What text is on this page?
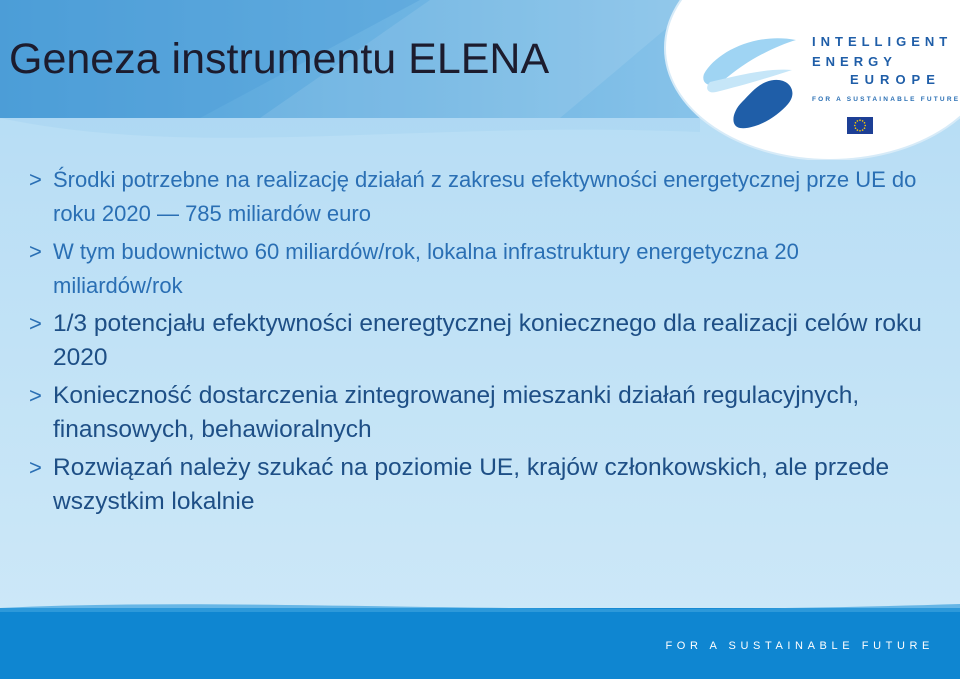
Geneza instrumentu ELENA	INTELLIGENT
ENERGY
EUROPE
FOR A SUSTAINABLE FUTURE
> Środki potrzebne na realizację działań z zakresu efektywności energetycznej prze UE do roku 2020 — 785 miliardów euro
> W tym budownictwo 60 miliardów/rok, lokalna infrastruktury energetyczna 20 miliardów/rok
> 1/3 potencjału efektywności eneregtycznej koniecznego dla realizacji celów roku 2020
> Konieczność dostarczenia zintegrowanej mieszanki działań regulacyjnych, finansowych, behawioralnych
> Rozwiązań należy szukać na poziomie UE, krajów członkowskich, ale przede wszystkim lokalnie
FOR A SUSTAINABLE FUTURE
